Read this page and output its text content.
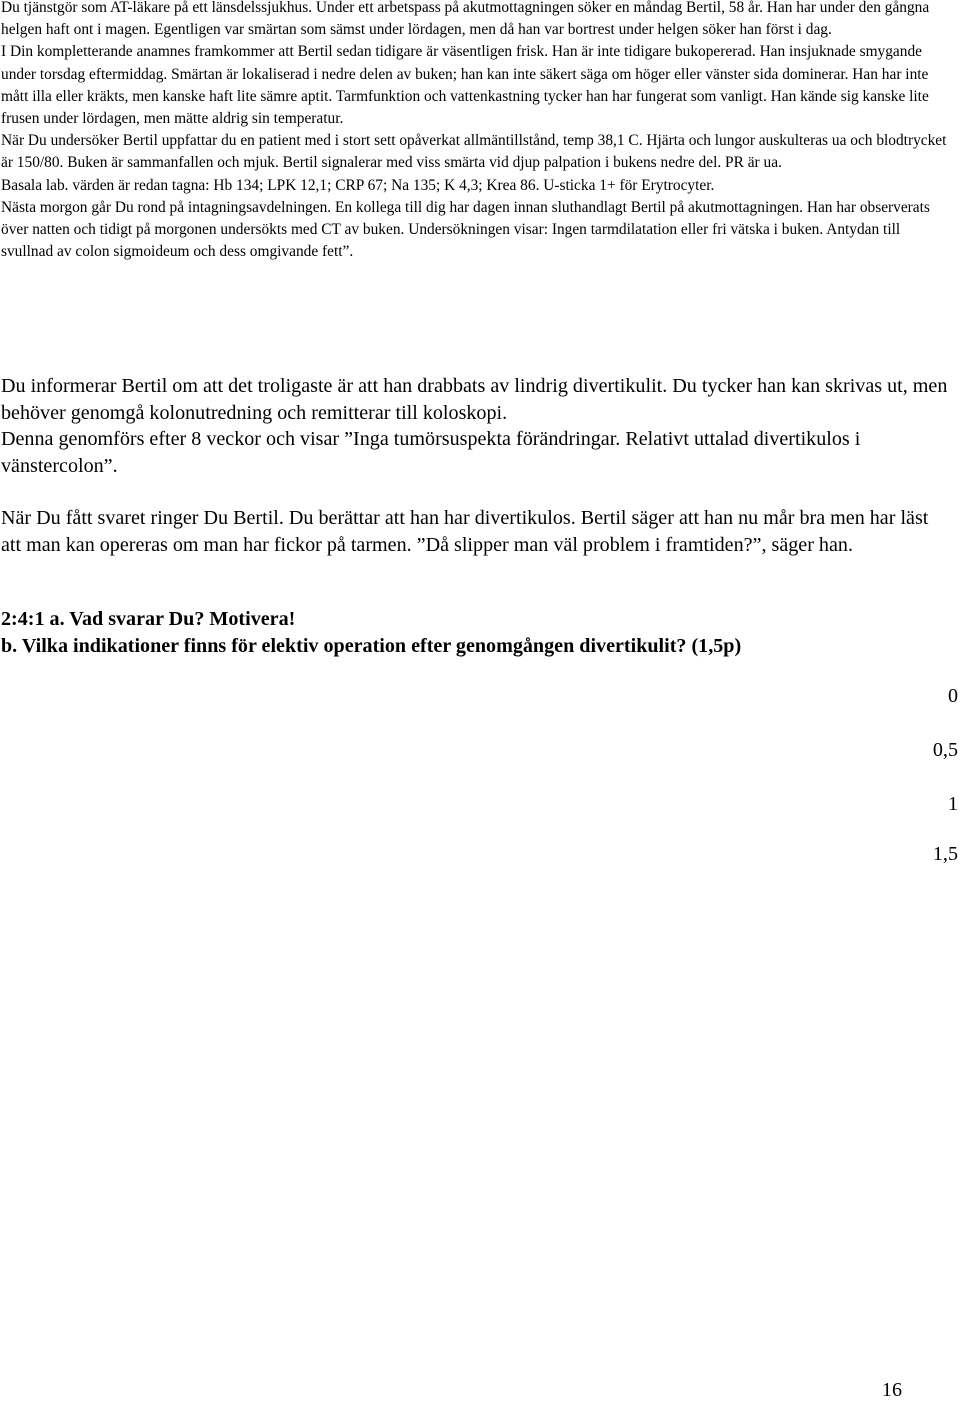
Du tjänstgör som AT-läkare på ett länsdelssjukhus. Under ett arbetspass på akutmottagningen söker en måndag Bertil, 58 år. Han har under den gångna helgen haft ont i magen. Egentligen var smärtan som sämst under lördagen, men då han var bortrest under helgen söker han först i dag.

I Din kompletterande anamnes framkommer att Bertil sedan tidigare är väsentligen frisk. Han är inte tidigare bukopererad. Han insjuknade smygande under torsdag eftermiddag. Smärtan är lokaliserad i nedre delen av buken; han kan inte säkert säga om höger eller vänster sida dominerar. Han har inte mått illa eller kräkts, men kanske haft lite sämre aptit. Tarmfunktion och vattenkastning tycker han har fungerat som vanligt. Han kände sig kanske lite frusen under lördagen, men mätte aldrig sin temperatur.

När Du undersöker Bertil uppfattar du en patient med i stort sett opåverkat allmäntillstånd, temp 38,1 C. Hjärta och lungor auskulteras ua och blodtrycket är 150/80. Buken är sammanfallen och mjuk. Bertil signalerar med viss smärta vid djup palpation i bukens nedre del. PR är ua.

Basala lab. värden är redan tagna: Hb 134; LPK 12,1; CRP 67; Na 135; K 4,3; Krea 86. U-sticka 1+ för Erytrocyter.

Nästa morgon går Du rond på intagningsavdelningen. En kollega till dig har dagen innan sluthandlagt Bertil på akutmottagningen. Han har observerats över natten och tidigt på morgonen undersökts med CT av buken. Undersökningen visar: Ingen tarmdilatation eller fri vätska i buken. Antydan till svullnad av colon sigmoideum och dess omgivande fett”.

Du informerar Bertil om att det troligaste är att han drabbats av lindrig divertikulit. Du tycker han kan skrivas ut, men behöver genomgå kolonutredning och remitterar till koloskopi.

Denna genomförs efter 8 veckor och visar ”Inga tumörsuspekta förändringar. Relativt uttalad divertikulos i vänstercolon”.

När Du fått svaret ringer Du Bertil. Du berättar att han har divertikulos. Bertil säger att han nu mår bra men har läst att man kan opereras om man har fickor på tarmen. ”Då slipper man väl problem i framtiden?”, säger han.

2:4:1 a. Vad svarar Du? Motivera!

b. Vilka indikationer finns för elektiv operation efter genomgången divertikulit? (1,5p)

0
0,5
1
1,5
16
